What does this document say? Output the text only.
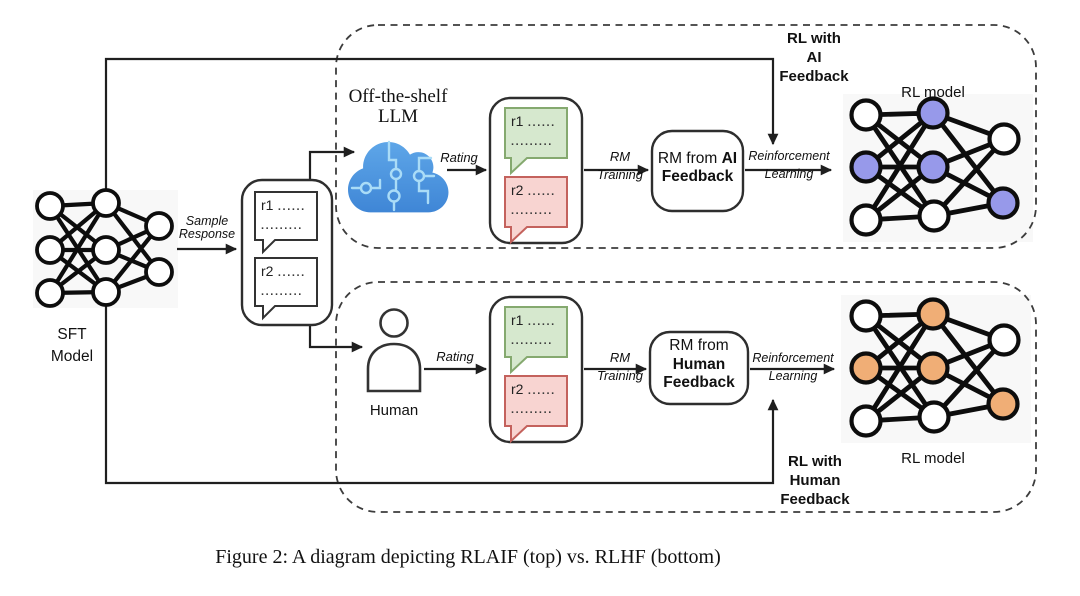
SFT
Model
Sample
Response
Off-the-shelf
LLM
Rating	RM
Training
RM from AI
Feedback
Reinforcement
Learning
RL with
AI
Feedback
RL model
Human
Rating	RM
Training
RM from
Human
Feedback
Reinforcement
Learning
RL with
Human
Feedback
RL model
r1 ......
.........
r2 ......
.........
r1 ......
.........
r2 ......
.........
r1 ......
.........
r2 ......
.........
Figure 2: A diagram depicting RLAIF (top) vs. RLHF (bottom)
